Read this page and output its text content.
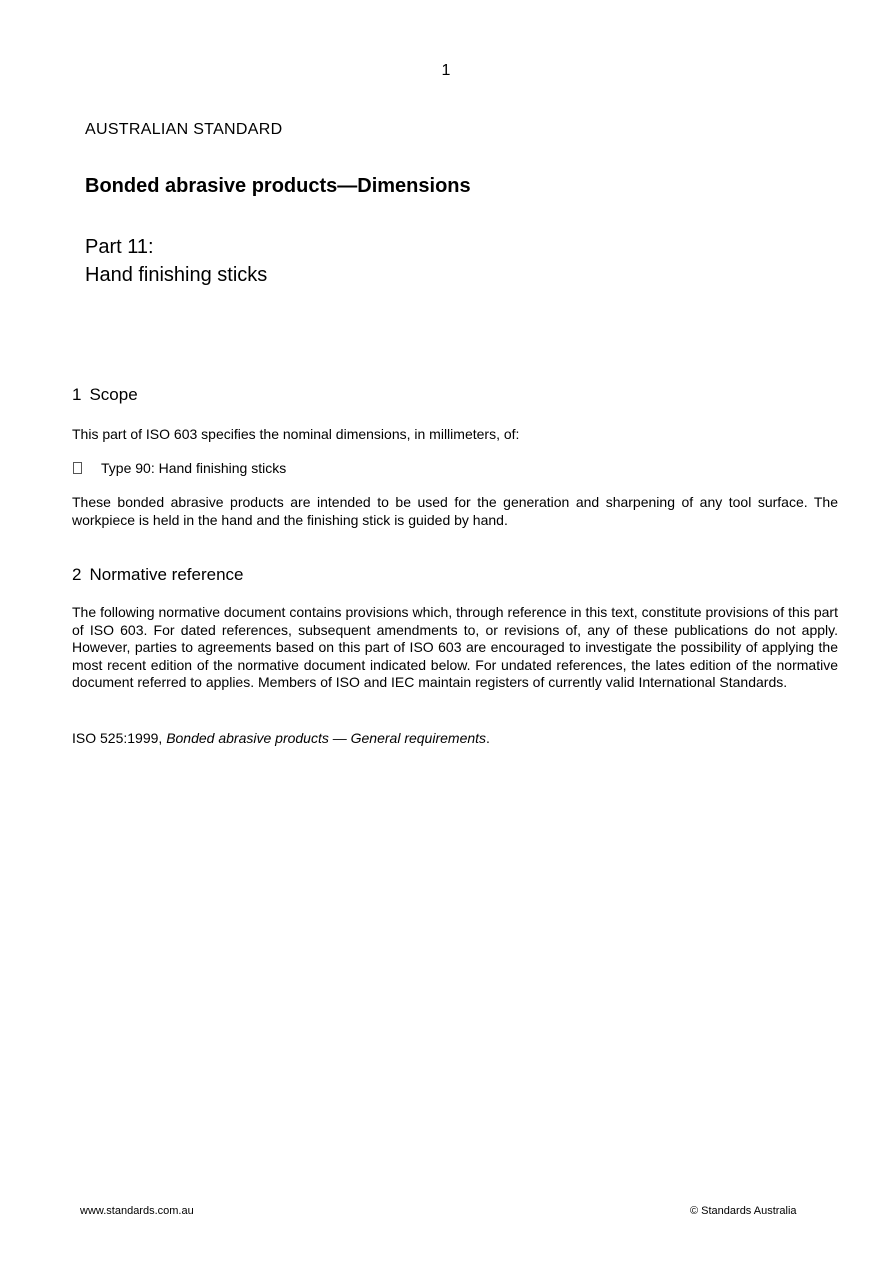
1
AUSTRALIAN STANDARD
Bonded abrasive products—Dimensions
Part 11:
Hand finishing sticks
1 Scope
This part of ISO 603 specifies the nominal dimensions, in millimeters, of:
Type 90: Hand finishing sticks
These bonded abrasive products are intended to be used for the generation and sharpening of any tool surface. The workpiece is held in the hand and the finishing stick is guided by hand.
2 Normative reference
The following normative document contains provisions which, through reference in this text, constitute provisions of this part of ISO 603. For dated references, subsequent amendments to, or revisions of, any of these publications do not apply. However, parties to agreements based on this part of ISO 603 are encouraged to investigate the possibility of applying the most recent edition of the normative document indicated below. For undated references, the lates edition of the normative document referred to applies. Members of ISO and IEC maintain registers of currently valid International Standards.
ISO 525:1999, Bonded abrasive products — General requirements.
www.standards.com.au	© Standards Australia
